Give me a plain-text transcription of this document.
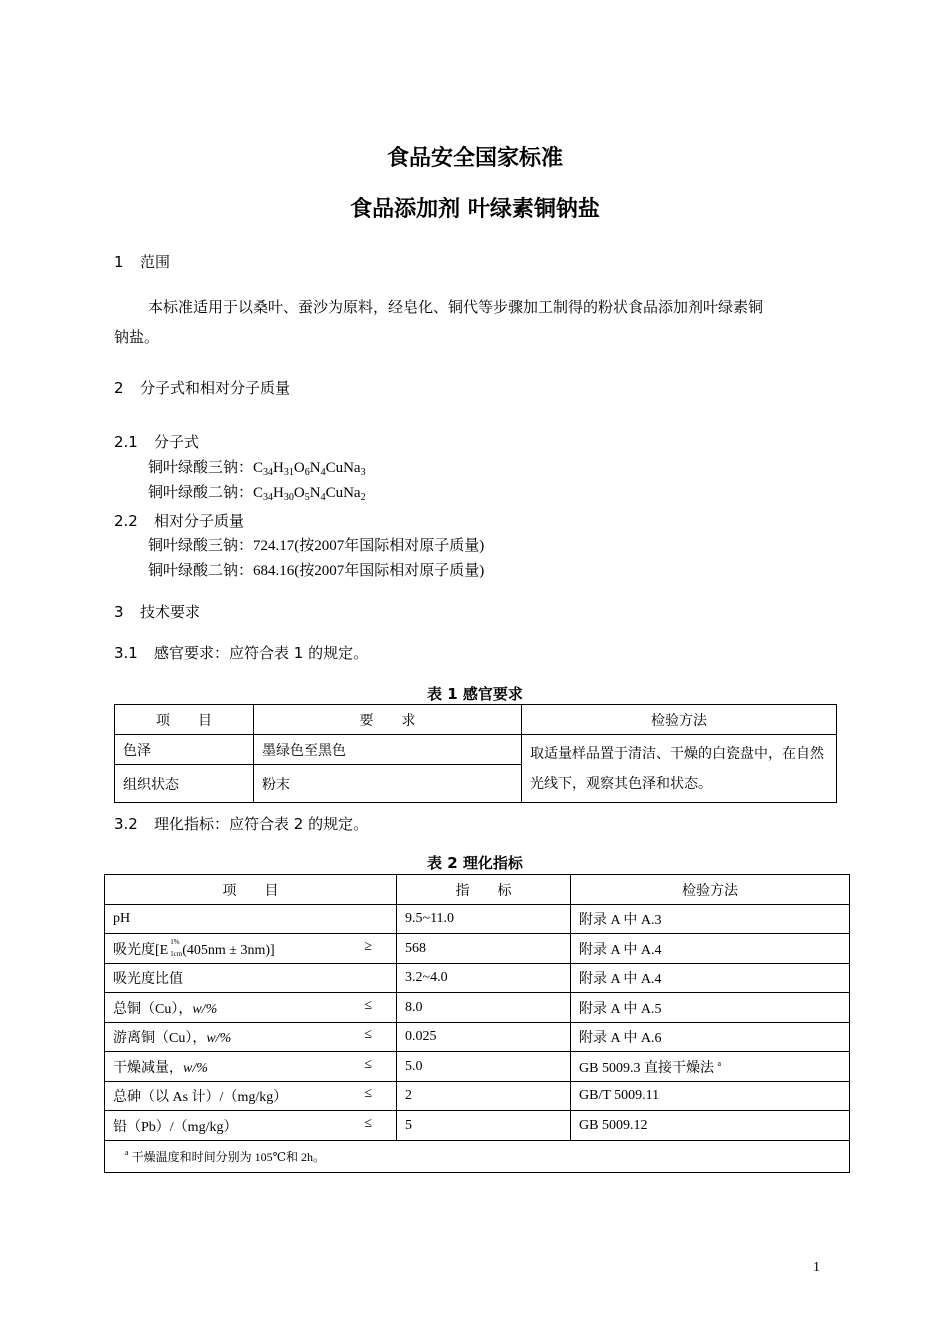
食品安全国家标准
食品添加剂 叶绿素铜钠盐
1 范围
本标准适用于以桑叶、蚕沙为原料，经皂化、铜代等步骤加工制得的粉状食品添加剂叶绿素铜
钠盐。
2 分子式和相对分子质量
2.1 分子式
铜叶绿酸三钠：$C_{34}H_{31}O_6N_4CuNa_3$
铜叶绿酸二钠：$C_{34}H_{30}O_5N_4CuNa_2$
2.2 相对分子质量
铜叶绿酸三钠：724.17(按2007年国际相对原子质量)
铜叶绿酸二钠：684.16(按2007年国际相对原子质量)
3 技术要求
3.1 感官要求：应符合表 1 的规定。
表 1 感官要求
项　　目	要　　求	检验方法
色泽	墨绿色至黑色	取适量样品置于清洁、干燥的白瓷盘中，在自然
光线下，观察其色泽和状态。

组织状态	粉末	
3.2 理化指标：应符合表 2 的规定。
表 2 理化指标
项　　目	指　　标	检验方法
pH	9.5~11.0	附录 A 中 A.3
吸光度[E
1%
1cm (405nm ± 3nm)] ≥	568	附录 A 中 A.4
吸光度比值	3.2~4.0	附录 A 中 A.4
总铜（Cu），w/% ≤	8.0	附录 A 中 A.5
游离铜（Cu），w/% ≤	0.025	附录 A 中 A.6
干燥减量，w/% ≤	5.0	GB 5009.3 直接干燥法 $^a$
总砷（以 As 计）/（mg/kg） ≤	2	GB/T 5009.11
铅（Pb）/（mg/kg） ≤	5	GB 5009.12
$^a$ 干燥温度和时间分别为 105℃和 2h。		
1
